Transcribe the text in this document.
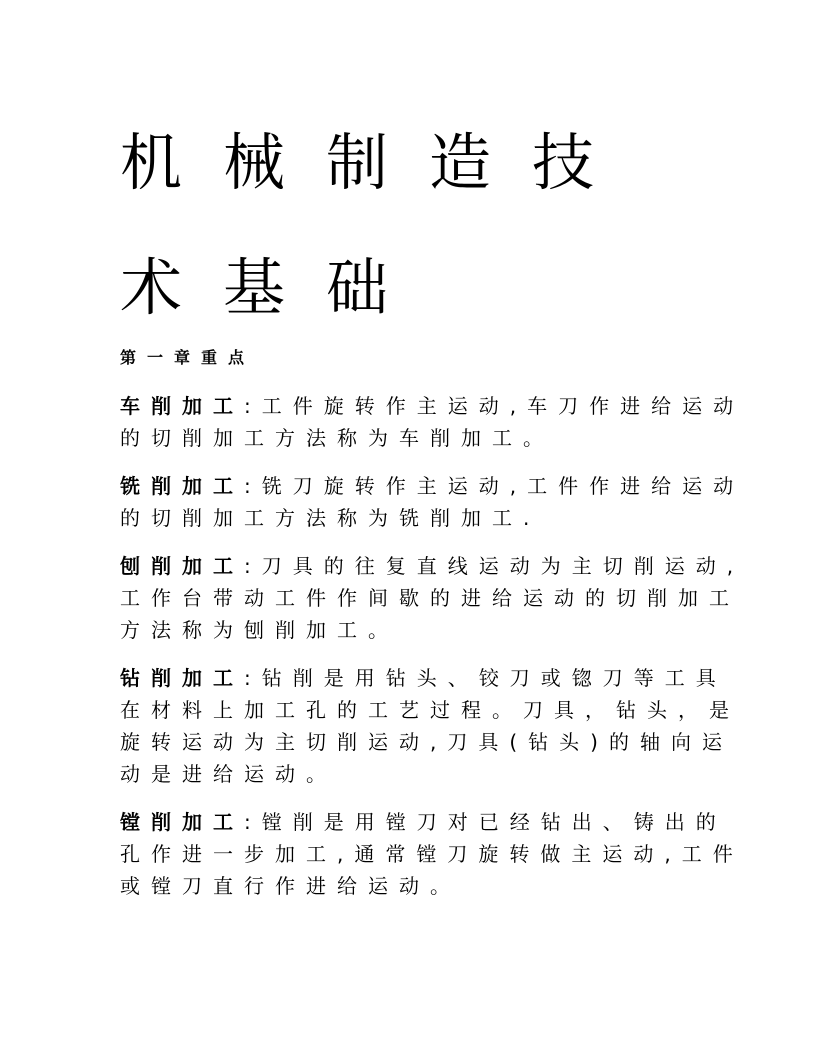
机械制造技
术基础
第一章重点

车削加工:工件旋转作主运动,车刀作进给运动
的切削加工方法称为车削加工。

铣削加工:铣刀旋转作主运动,工件作进给运动
的切削加工方法称为铣削加工.

刨削加工:刀具的往复直线运动为主切削运动,
工作台带动工件作间歇的进给运动的切削加工
方法称为刨削加工。

钻削加工:钻削是用钻头、铰刀或锪刀等工具
在材料上加工孔的工艺过程。刀具，钻头，是
旋转运动为主切削运动,刀具(钻头)的轴向运
动是进给运动。

镗削加工:镗削是用镗刀对已经钻出、铸出的
孔作进一步加工,通常镗刀旋转做主运动,工件
或镗刀直行作进给运动。
